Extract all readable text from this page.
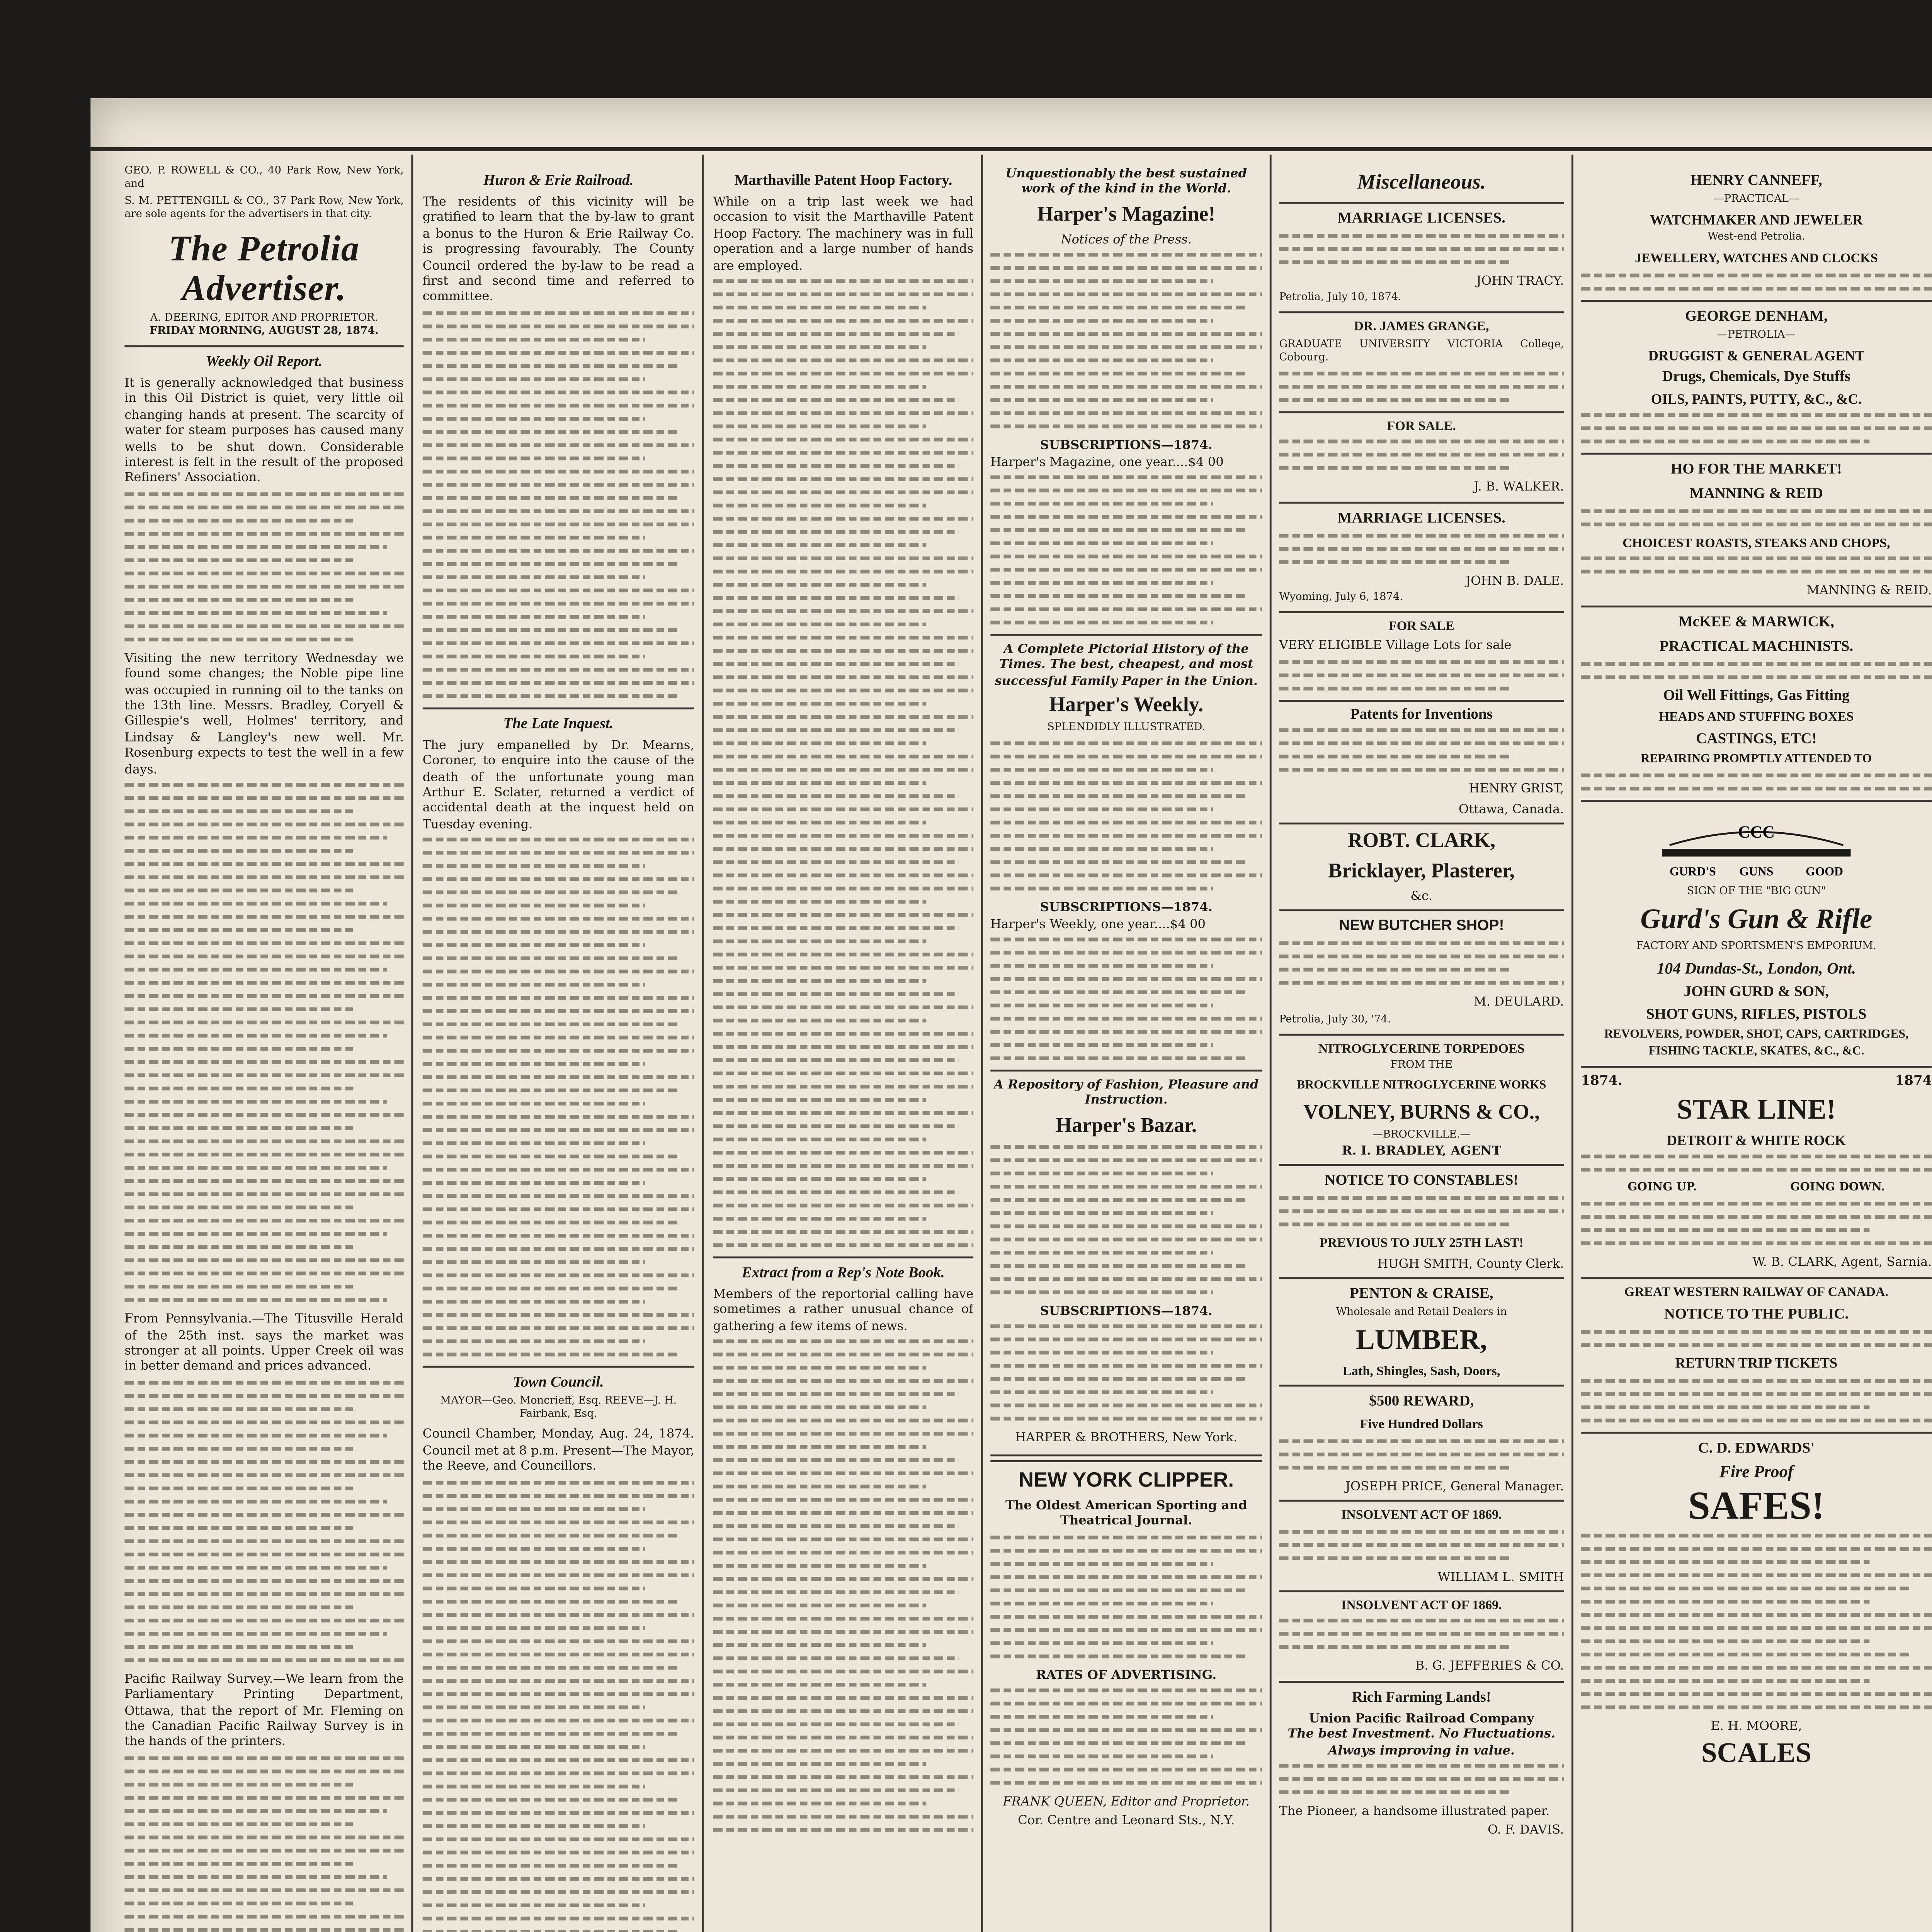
GEO. P. ROWELL & CO., 40 Park Row, New York, and
S. M. PETTENGILL & CO., 37 Park Row, New York, are sole agents for the advertisers in that city.
The Petrolia Advertiser.
A. DEERING, EDITOR AND PROPRIETOR.
FRIDAY MORNING, AUGUST 28, 1874.
Weekly Oil Report.
It is generally acknowledged that business in this Oil District is quiet, very little oil changing hands at present. The scarcity of water for steam purposes has caused many wells to be shut down. Considerable interest is felt in the result of the proposed Refiners' Association.
Visiting the new territory Wednesday we found some changes; the Noble pipe line was occupied in running oil to the tanks on the 13th line. Messrs. Bradley, Coryell & Gillespie's well, Holmes' territory, and Lindsay & Langley's new well. Mr. Rosenburg expects to test the well in a few days.
From Pennsylvania.—The Titusville Herald of the 25th inst. says the market was stronger at all points. Upper Creek oil was in better demand and prices advanced.
Pacific Railway Survey.—We learn from the Parliamentary Printing Department, Ottawa, that the report of Mr. Fleming on the Canadian Pacific Railway Survey is in the hands of the printers.
Huron & Erie Railroad.
The residents of this vicinity will be gratified to learn that the by-law to grant a bonus to the Huron & Erie Railway Co. is progressing favourably. The County Council ordered the by-law to be read a first and second time and referred to committee.
The Late Inquest.
The jury empanelled by Dr. Mearns, Coroner, to enquire into the cause of the death of the unfortunate young man Arthur E. Sclater, returned a verdict of accidental death at the inquest held on Tuesday evening.
Town Council.
MAYOR—Geo. Moncrieff, Esq. REEVE—J. H. Fairbank, Esq.
Council Chamber, Monday, Aug. 24, 1874. Council met at 8 p.m. Present—The Mayor, the Reeve, and Councillors.
Marthaville Patent Hoop Factory.
While on a trip last week we had occasion to visit the Marthaville Patent Hoop Factory. The machinery was in full operation and a large number of hands are employed.
Extract from a Rep's Note Book.
Members of the reportorial calling have sometimes a rather unusual chance of gathering a few items of news.
Unquestionably the best sustained work of the kind in the World.
Harper's Magazine!
Notices of the Press.
SUBSCRIPTIONS—1874.
Harper's Magazine, one year....$4 00
A Complete Pictorial History of the Times. The best, cheapest, and most successful Family Paper in the Union.
Harper's Weekly.
SPLENDIDLY ILLUSTRATED.
SUBSCRIPTIONS—1874.
Harper's Weekly, one year....$4 00
A Repository of Fashion, Pleasure and Instruction.
Harper's Bazar.
SUBSCRIPTIONS—1874.
HARPER & BROTHERS, New York.
NEW YORK CLIPPER.
The Oldest American Sporting and Theatrical Journal.
RATES OF ADVERTISING.
FRANK QUEEN, Editor and Proprietor.
Cor. Centre and Leonard Sts., N.Y.
Miscellaneous.
MARRIAGE LICENSES.
JOHN TRACY.
Petrolia, July 10, 1874.
DR. JAMES GRANGE,
GRADUATE UNIVERSITY VICTORIA College, Cobourg.
FOR SALE.
J. B. WALKER.
MARRIAGE LICENSES.
JOHN B. DALE.
Wyoming, July 6, 1874.
FOR SALE
VERY ELIGIBLE Village Lots for sale
Patents for Inventions
HENRY GRIST,
Ottawa, Canada.
ROBT. CLARK,
Bricklayer, Plasterer,
&c.
NEW BUTCHER SHOP!
M. DEULARD.
Petrolia, July 30, '74.
NITROGLYCERINE TORPEDOES
FROM THE
BROCKVILLE NITROGLYCERINE WORKS
VOLNEY, BURNS & CO.,
—BROCKVILLE.—
R. I. BRADLEY, AGENT
NOTICE TO CONSTABLES!
PREVIOUS TO JULY 25TH LAST!
HUGH SMITH, County Clerk.
PENTON & CRAISE,
Wholesale and Retail Dealers in
LUMBER,
Lath, Shingles, Sash, Doors,
$500 REWARD,
Five Hundred Dollars
JOSEPH PRICE, General Manager.
INSOLVENT ACT OF 1869.
WILLIAM L. SMITH
INSOLVENT ACT OF 1869.
B. G. JEFFERIES & CO.
Rich Farming Lands!
Union Pacific Railroad Company
The best Investment. No Fluctuations. Always improving in value.
The Pioneer, a handsome illustrated paper.
O. F. DAVIS.
HENRY CANNEFF,
—PRACTICAL—
WATCHMAKER AND JEWELER
West-end Petrolia.
JEWELLERY, WATCHES AND CLOCKS
GEORGE DENHAM,
—PETROLIA—
DRUGGIST & GENERAL AGENT
Drugs, Chemicals, Dye Stuffs
OILS, PAINTS, PUTTY, &C., &C.
HO FOR THE MARKET!
MANNING & REID
CHOICEST ROASTS, STEAKS AND CHOPS,
MANNING & REID.
McKEE & MARWICK,
PRACTICAL MACHINISTS.
Oil Well Fittings, Gas Fitting
HEADS AND STUFFING BOXES
CASTINGS, ETC!
REPAIRING PROMPTLY ATTENDED TO
CCC
GURD'S	GOOD
GUNS
SIGN OF THE "BIG GUN"
Gurd's Gun & Rifle
FACTORY AND SPORTSMEN'S EMPORIUM.
104 Dundas-St., London, Ont.
JOHN GURD & SON,
SHOT GUNS, RIFLES, PISTOLS
REVOLVERS, POWDER, SHOT, CAPS, CARTRIDGES, FISHING TACKLE, SKATES, &C., &C.
1874.	1874
STAR LINE!
DETROIT & WHITE ROCK
GOING UP.	GOING DOWN.
W. B. CLARK, Agent, Sarnia.
GREAT WESTERN RAILWAY OF CANADA.
NOTICE TO THE PUBLIC.
RETURN TRIP TICKETS
C. D. EDWARDS'
Fire Proof
SAFES!
E. H. MOORE,
SCALES
